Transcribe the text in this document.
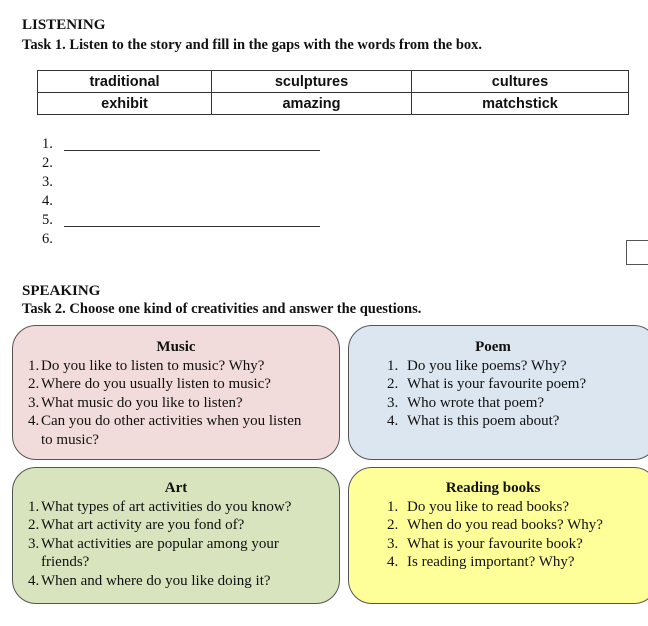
LISTENING
Task 1. Listen to the story and fill in the gaps with the words from the box.
traditional	sculptures	cultures
exhibit	amazing	matchstick
1.
2.
3.
4.
5.
6.
SPEAKING
Task 2. Choose one kind of creativities and answer the questions.
Music
1. Do you like to listen to music? Why?
2. Where do you usually listen to music?
3. What music do you like to listen?
4. Can you do other activities when you listen to music?
Poem
1. Do you like poems? Why?
2. What is your favourite poem?
3. Who wrote that poem?
4. What is this poem about?
Art
1. What types of art activities do you know?
2. What art activity are you fond of?
3. What activities are popular among your friends?
4. When and where do you like doing it?
Reading books
1. Do you like to read books?
2. When do you read books? Why?
3. What is your favourite book?
4. Is reading important? Why?
